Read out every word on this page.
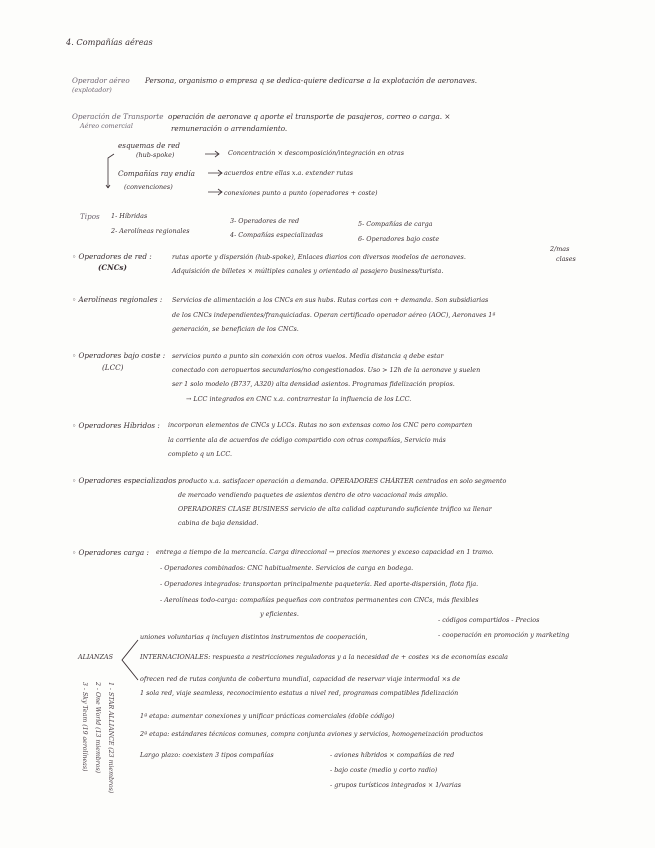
4. Compañías aéreas
Operador aéreo
(explotador)
Persona, organismo o empresa q se dedica-quiere dedicarse a la explotación de aeronaves.
Operación de Transporte
Aéreo comercial
operación de aeronave q aporte el transporte de pasajeros, correo o carga. ×
remuneración o arrendamiento.
esquemas de red
(hub-spoke)
Compañías ray endía
(convenciones)
Concentración × descomposición/integración en otras
acuerdos entre ellas x.a. extender rutas
conexiones punto a punto (operadores + coste)
Tipos 1- Híbridas
2- Aerolíneas regionales
3- Operadores de red
4- Compañías especializadas
5- Compañías de carga
6- Operadores bajo coste
◦ Operadores de red :
(CNCs)
rutas aporte y dispersión (hub-spoke), Enlaces diarios con diversos modelos de aeronaves.
Adquisición de billetes × múltiples canales y orientado al pasajero business/turista.
2/mas
clases
◦ Aerolíneas regionales : Servicios de alimentación a los CNCs en sus hubs. Rutas cortas con + demanda. Son subsidiarias
de los CNCs independientes/franquiciadas. Operan certificado operador aéreo (AOC), Aeronaves 1ª
generación, se benefician de los CNCs.
◦ Operadores bajo coste :
(LCC)
servicios punto a punto sin conexión con otros vuelos. Media distancia q debe estar
conectado con aeropuertos secundarios/no congestionados. Uso > 12h de la aeronave y suelen
ser 1 solo modelo (B737, A320) alta densidad asientos. Programas fidelización propios.
→ LCC integrados en CNC x.a. contrarrestar la influencia de los LCC.
◦ Operadores Híbridos : incorporan elementos de CNCs y LCCs. Rutas no son extensas como los CNC pero comparten
la corriente ala de acuerdos de código compartido con otras compañías, Servicio más
completo q un LCC.
◦ Operadores especializados :
producto x.a. satisfacer operación a demanda. OPERADORES CHÁRTER centrados en solo segmento
de mercado vendiendo paquetes de asientos dentro de otro vacacional más amplio.
OPERADORES CLASE BUSINESS servicio de alta calidad capturando suficiente tráfico xa llenar
cabina de baja densidad.
◦ Operadores carga : entrega a tiempo de la mercancía. Carga direccional → precios menores y exceso capacidad en 1 tramo.
- Operadores combinados: CNC habitualmente. Servicios de carga en bodega.
- Operadores integrados: transportan principalmente paquetería. Red aporte-dispersión, flota fija.
- Aerolíneas todo-carga: compañías pequeñas con contratos permanentes con CNCs, más flexibles
y eficientes.
- códigos compartidos - Precios
- cooperación en promoción y marketing
ALIANZAS
uniones voluntarias q incluyen distintos instrumentos de cooperación,
INTERNACIONALES: respuesta a restricciones reguladoras y a la necesidad de + costes ×s de economías escala
1 - STAR ALLIANCE (23 miembros)
2 - One World (13 miembros)
3 - Sky Team (19 aerolíneas)
ofrecen red de rutas conjunta de cobertura mundial, capacidad de reservar viaje intermodal ×s de
1 sola red, viaje seamless, reconocimiento estatus a nivel red, programas compatibles fidelización
1ª etapa: aumentar conexiones y unificar prácticas comerciales (doble código)
2ª etapa: estándares técnicos comunes, compra conjunta aviones y servicios, homogeneización productos
Largo plazo: coexisten 3 tipos compañías	- aviones híbridos × compañías de red
- bajo coste (medio y corto radio)
- grupos turísticos integrados × 1/varias
